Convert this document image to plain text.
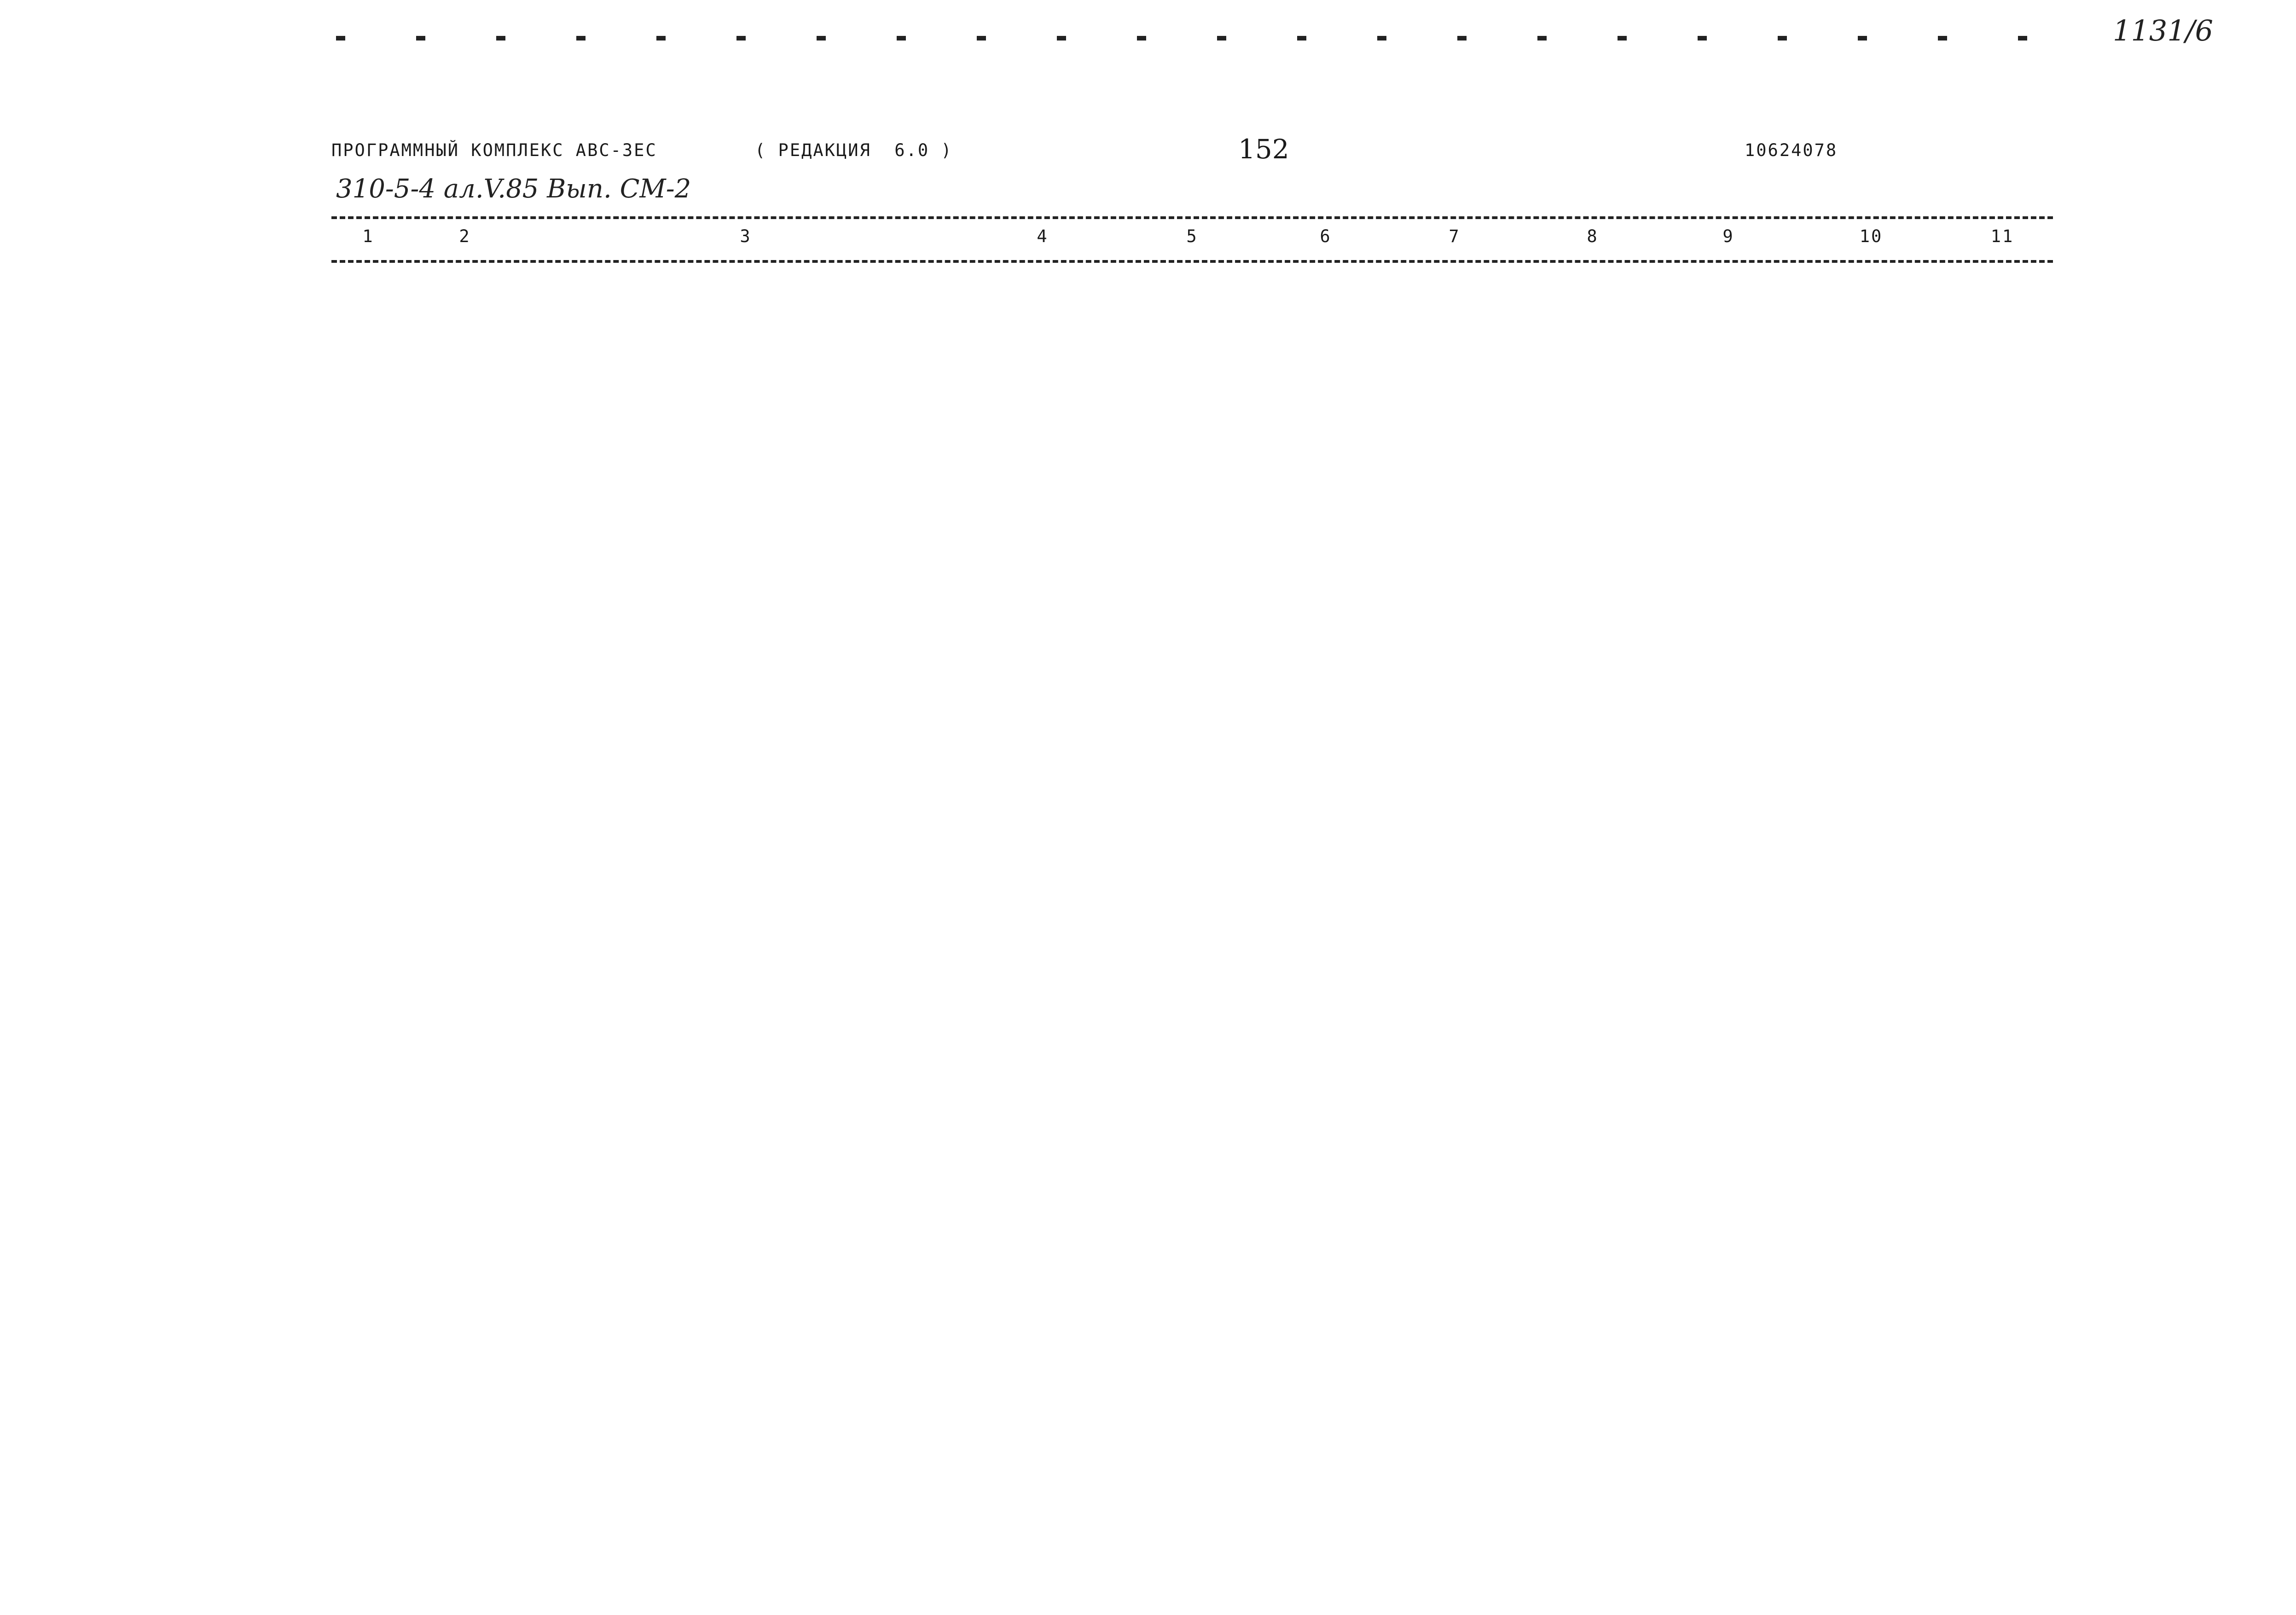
1131/6
ПРОГРАММНЫЙ КОМПЛЕКС АВС-3ЕС	( РЕДАКЦИЯ  6.0 )	152	10624078
310-5-4 ал.V.85 Вып. СМ-2
1	2	3	4	5	6	7	8	9	10	11
